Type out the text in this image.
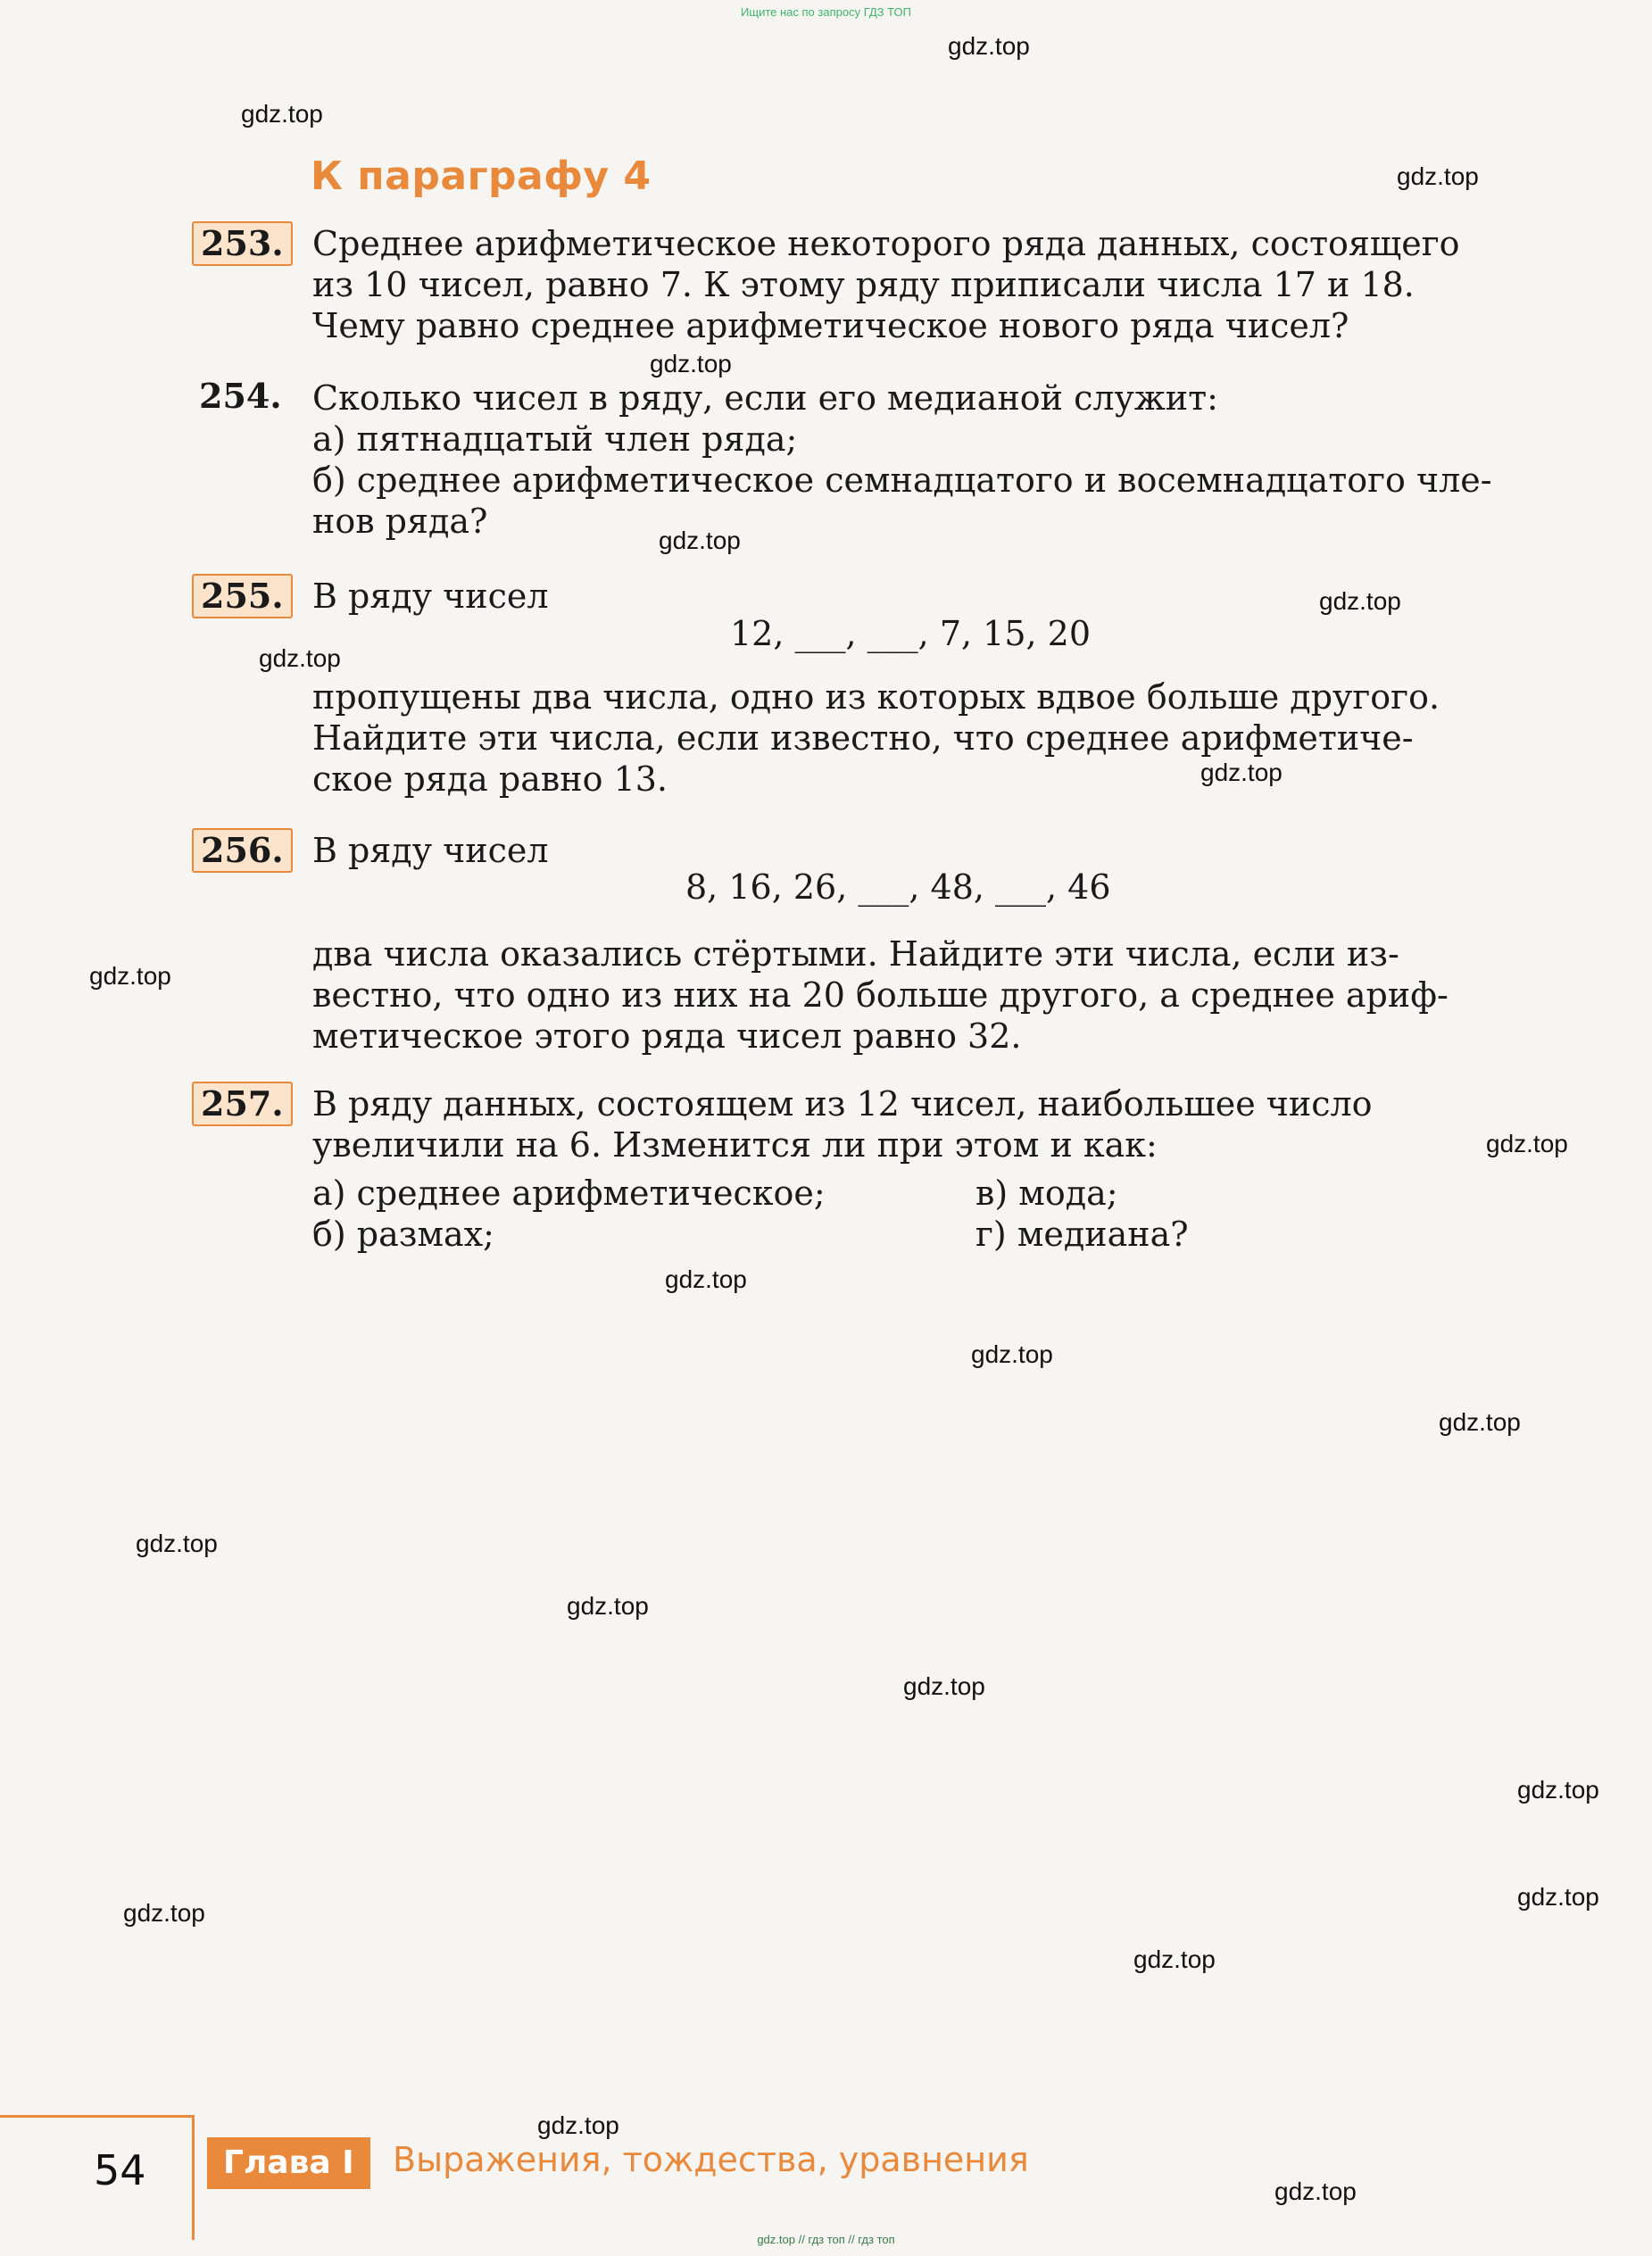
Ищите нас по запросу ГДЗ ТОП
gdz.top
gdz.top
gdz.top
gdz.top
gdz.top
gdz.top
gdz.top
gdz.top
gdz.top
gdz.top
gdz.top
gdz.top
gdz.top
gdz.top
gdz.top
gdz.top
gdz.top
gdz.top
gdz.top
gdz.top
gdz.top
gdz.top
К параграфу 4
253. Среднее арифметическое некоторого ряда данных, состоящего

из 10 чисел, равно 7. К этому ряду приписали числа 17 и 18.

Чему равно среднее арифметическое нового ряда чисел?

254. Сколько чисел в ряду, если его медианой служит:

а) пятнадцатый член ряда;

б) среднее арифметическое семнадцатого и восемнадцатого чле-

нов ряда?

255. В ряду чисел

12, ___, ___, 7, 15, 20

пропущены два числа, одно из которых вдвое больше другого.

Найдите эти числа, если известно, что среднее арифметиче-

ское ряда равно 13.

256. В ряду чисел

8, 16, 26, ___, 48, ___, 46

два числа оказались стёртыми. Найдите эти числа, если из-

вестно, что одно из них на 20 больше другого, а среднее ариф-

метическое этого ряда чисел равно 32.

257. В ряду данных, состоящем из 12 чисел, наибольшее число

увеличили на 6. Изменится ли при этом и как:

а) среднее арифметическое;

б) размах;

в) мода;

г) медиана?

54	Глава I	Выражения, тождества, уравнения
gdz.top // гдз топ // гдз топ
